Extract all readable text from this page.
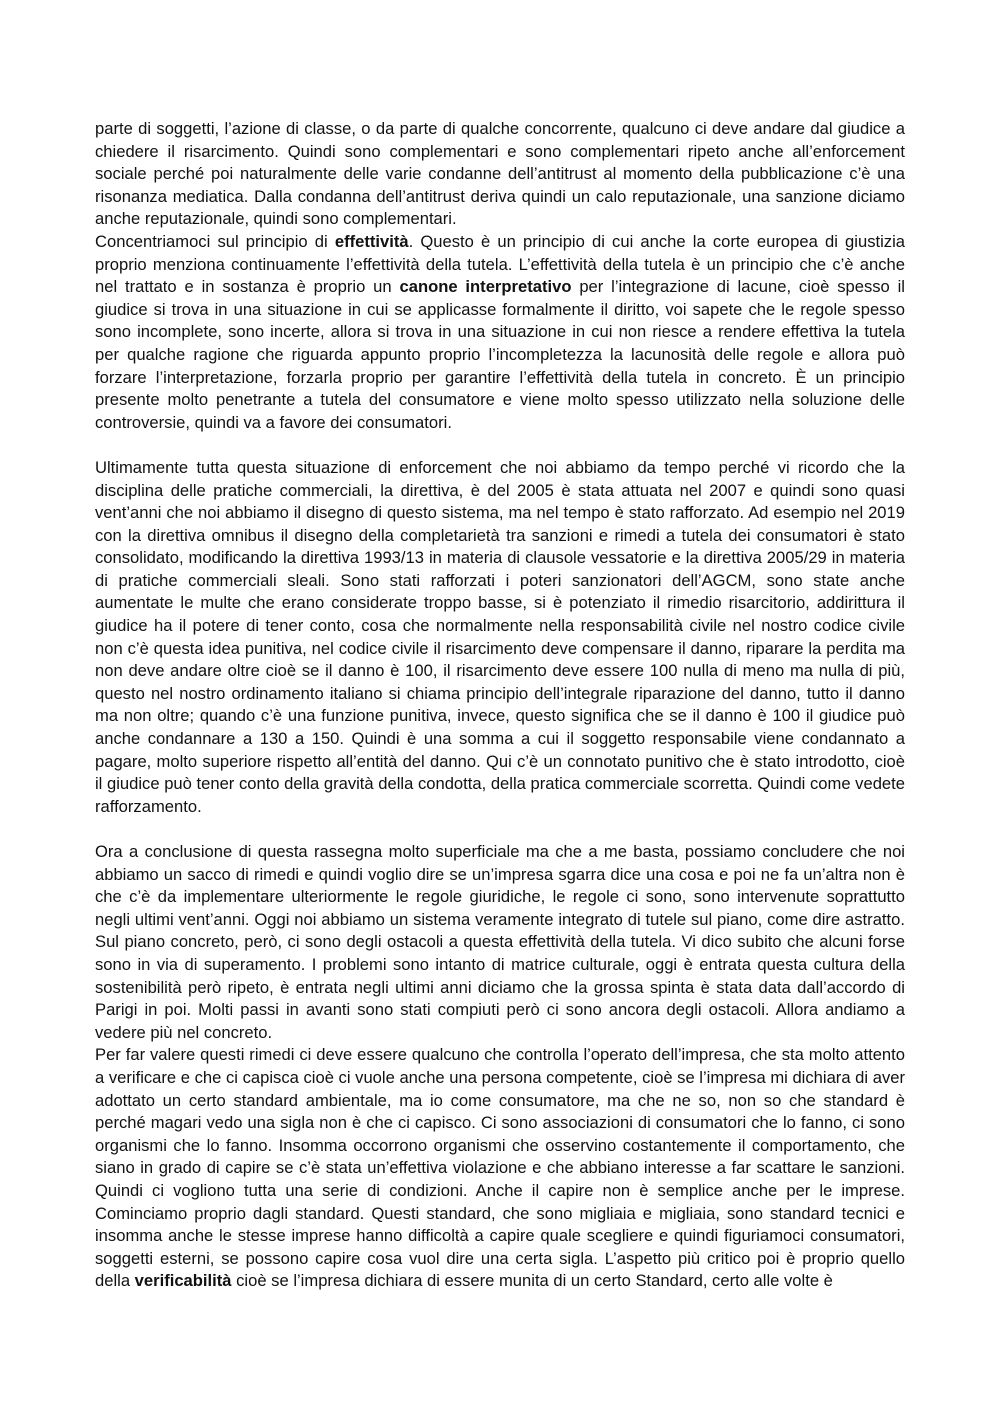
parte di soggetti, l’azione di classe, o da parte di qualche concorrente, qualcuno ci deve andare dal giudice a chiedere il risarcimento. Quindi sono complementari e sono complementari ripeto anche all’enforcement sociale perché poi naturalmente delle varie condanne dell’antitrust al momento della pubblicazione c’è una risonanza mediatica. Dalla condanna dell’antitrust deriva quindi un calo reputazionale, una sanzione diciamo anche reputazionale, quindi sono complementari.

Concentriamoci sul principio di effettività. Questo è un principio di cui anche la corte europea di giustizia proprio menziona continuamente l’effettività della tutela. L’effettività della tutela è un principio che c’è anche nel trattato e in sostanza è proprio un canone interpretativo per l’integrazione di lacune, cioè spesso il giudice si trova in una situazione in cui se applicasse formalmente il diritto, voi sapete che le regole spesso sono incomplete, sono incerte, allora si trova in una situazione in cui non riesce a rendere effettiva la tutela per qualche ragione che riguarda appunto proprio l’incompletezza la lacunosità delle regole e allora può forzare l’interpretazione, forzarla proprio per garantire l’effettività della tutela in concreto. È un principio presente molto penetrante a tutela del consumatore e viene molto spesso utilizzato nella soluzione delle controversie, quindi va a favore dei consumatori.

Ultimamente tutta questa situazione di enforcement che noi abbiamo da tempo perché vi ricordo che la disciplina delle pratiche commerciali, la direttiva, è del 2005 è stata attuata nel 2007 e quindi sono quasi vent’anni che noi abbiamo il disegno di questo sistema, ma nel tempo è stato rafforzato. Ad esempio nel 2019 con la direttiva omnibus il disegno della completarietà tra sanzioni e rimedi a tutela dei consumatori è stato consolidato, modificando la direttiva 1993/13 in materia di clausole vessatorie e la direttiva 2005/29 in materia di pratiche commerciali sleali. Sono stati rafforzati i poteri sanzionatori dell’AGCM, sono state anche aumentate le multe che erano considerate troppo basse, si è potenziato il rimedio risarcitorio, addirittura il giudice ha il potere di tener conto, cosa che normalmente nella responsabilità civile nel nostro codice civile non c’è questa idea punitiva, nel codice civile il risarcimento deve compensare il danno, riparare la perdita ma non deve andare oltre cioè se il danno è 100, il risarcimento deve essere 100 nulla di meno ma nulla di più, questo nel nostro ordinamento italiano si chiama principio dell’integrale riparazione del danno, tutto il danno ma non oltre; quando c’è una funzione punitiva, invece, questo significa che se il danno è 100 il giudice può anche condannare a 130 a 150. Quindi è una somma a cui il soggetto responsabile viene condannato a pagare, molto superiore rispetto all’entità del danno. Qui c’è un connotato punitivo che è stato introdotto, cioè il giudice può tener conto della gravità della condotta, della pratica commerciale scorretta. Quindi come vedete rafforzamento.

Ora a conclusione di questa rassegna molto superficiale ma che a me basta, possiamo concludere che noi abbiamo un sacco di rimedi e quindi voglio dire se un’impresa sgarra dice una cosa e poi ne fa un’altra non è che c’è da implementare ulteriormente le regole giuridiche, le regole ci sono, sono intervenute soprattutto negli ultimi vent’anni. Oggi noi abbiamo un sistema veramente integrato di tutele sul piano, come dire astratto. Sul piano concreto, però, ci sono degli ostacoli a questa effettività della tutela. Vi dico subito che alcuni forse sono in via di superamento. I problemi sono intanto di matrice culturale, oggi è entrata questa cultura della sostenibilità però ripeto, è entrata negli ultimi anni diciamo che la grossa spinta è stata data dall’accordo di Parigi in poi. Molti passi in avanti sono stati compiuti però ci sono ancora degli ostacoli. Allora andiamo a vedere più nel concreto.

Per far valere questi rimedi ci deve essere qualcuno che controlla l’operato dell’impresa, che sta molto attento a verificare e che ci capisca cioè ci vuole anche una persona competente, cioè se l’impresa mi dichiara di aver adottato un certo standard ambientale, ma io come consumatore, ma che ne so, non so che standard è perché magari vedo una sigla non è che ci capisco. Ci sono associazioni di consumatori che lo fanno, ci sono organismi che lo fanno. Insomma occorrono organismi che osservino costantemente il comportamento, che siano in grado di capire se c’è stata un’effettiva violazione e che abbiano interesse a far scattare le sanzioni. Quindi ci vogliono tutta una serie di condizioni. Anche il capire non è semplice anche per le imprese. Cominciamo proprio dagli standard. Questi standard, che sono migliaia e migliaia, sono standard tecnici e insomma anche le stesse imprese hanno difficoltà a capire quale scegliere e quindi figuriamoci consumatori, soggetti esterni, se possono capire cosa vuol dire una certa sigla. L’aspetto più critico poi è proprio quello della verificabilità cioè se l’impresa dichiara di essere munita di un certo Standard, certo alle volte è
